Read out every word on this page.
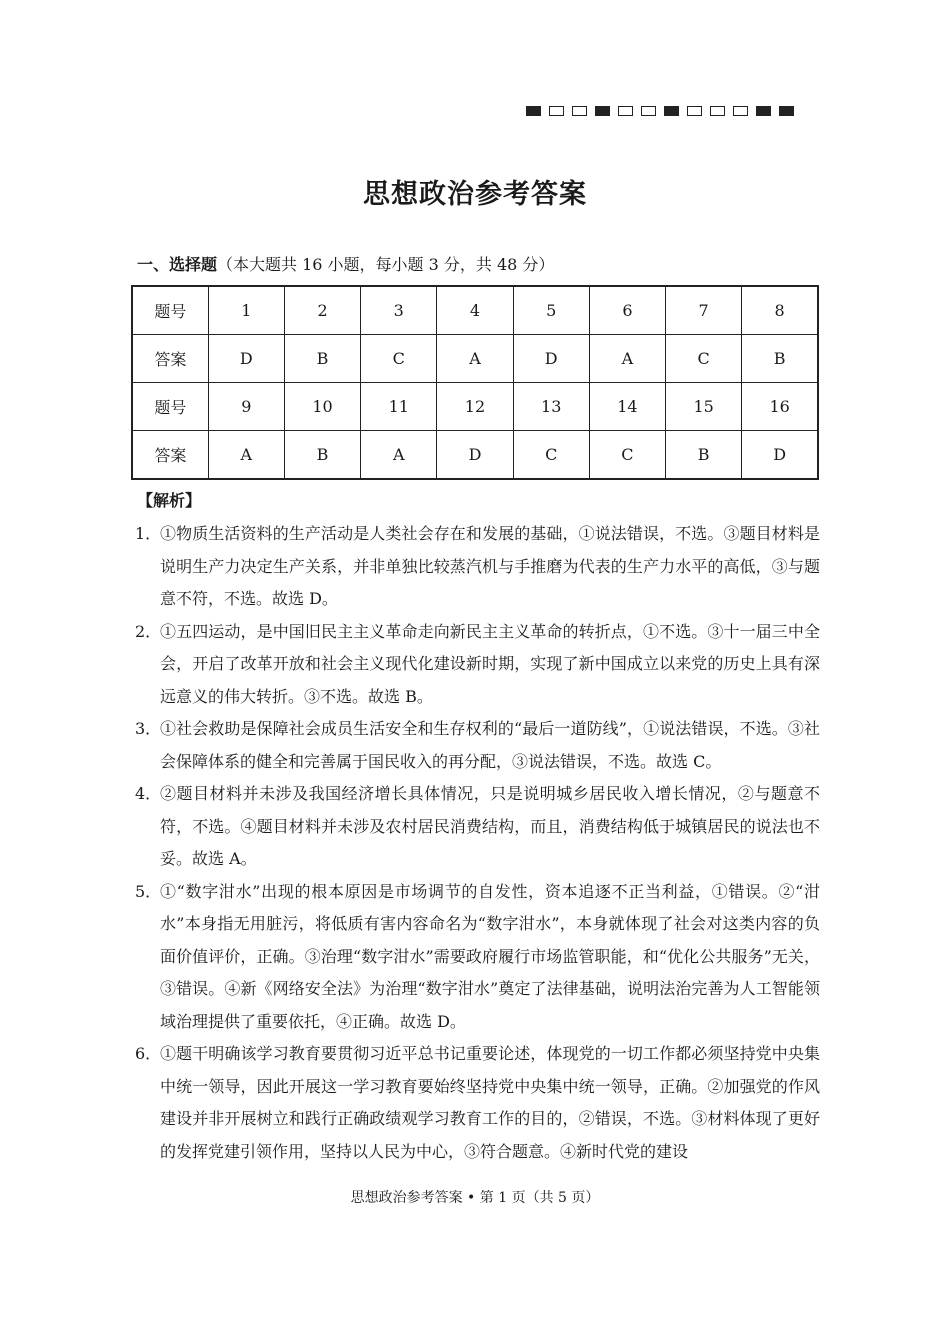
思想政治参考答案
一、选择题（本大题共 16 小题，每小题 3 分，共 48 分）
题号	1	2	3	4	5	6	7	8
答案	D	B	C	A	D	A	C	B
题号	9	10	11	12	13	14	15	16
答案	A	B	A	D	C	C	B	D
【解析】
1．
①物质生活资料的生产活动是人类社会存在和发展的基础，①说法错误，不选。③题目材料是说明生产力决定生产关系，并非单独比较蒸汽机与手推磨为代表的生产力水平的高低，③与题意不符，不选。故选 D。
2．
①五四运动，是中国旧民主主义革命走向新民主主义革命的转折点，①不选。③十一届三中全会，开启了改革开放和社会主义现代化建设新时期，实现了新中国成立以来党的历史上具有深远意义的伟大转折。③不选。故选 B。
3．
①社会救助是保障社会成员生活安全和生存权利的“最后一道防线”，①说法错误，不选。③社会保障体系的健全和完善属于国民收入的再分配，③说法错误，不选。故选 C。
4．
②题目材料并未涉及我国经济增长具体情况，只是说明城乡居民收入增长情况，②与题意不符，不选。④题目材料并未涉及农村居民消费结构，而且，消费结构低于城镇居民的说法也不妥。故选 A。
5．
①“数字泔水”出现的根本原因是市场调节的自发性，资本追逐不正当利益，①错误。②“泔水”本身指无用脏污，将低质有害内容命名为“数字泔水”，本身就体现了社会对这类内容的负面价值评价，正确。③治理“数字泔水”需要政府履行市场监管职能，和“优化公共服务”无关，③错误。④新《网络安全法》为治理“数字泔水”奠定了法律基础，说明法治完善为人工智能领域治理提供了重要依托，④正确。故选 D。
6．
①题干明确该学习教育要贯彻习近平总书记重要论述，体现党的一切工作都必须坚持党中央集中统一领导，因此开展这一学习教育要始终坚持党中央集中统一领导，正确。②加强党的作风建设并非开展树立和践行正确政绩观学习教育工作的目的，②错误，不选。③材料体现了更好的发挥党建引领作用，坚持以人民为中心，③符合题意。④新时代党的建设
思想政治参考答案 • 第 1 页（共 5 页）
